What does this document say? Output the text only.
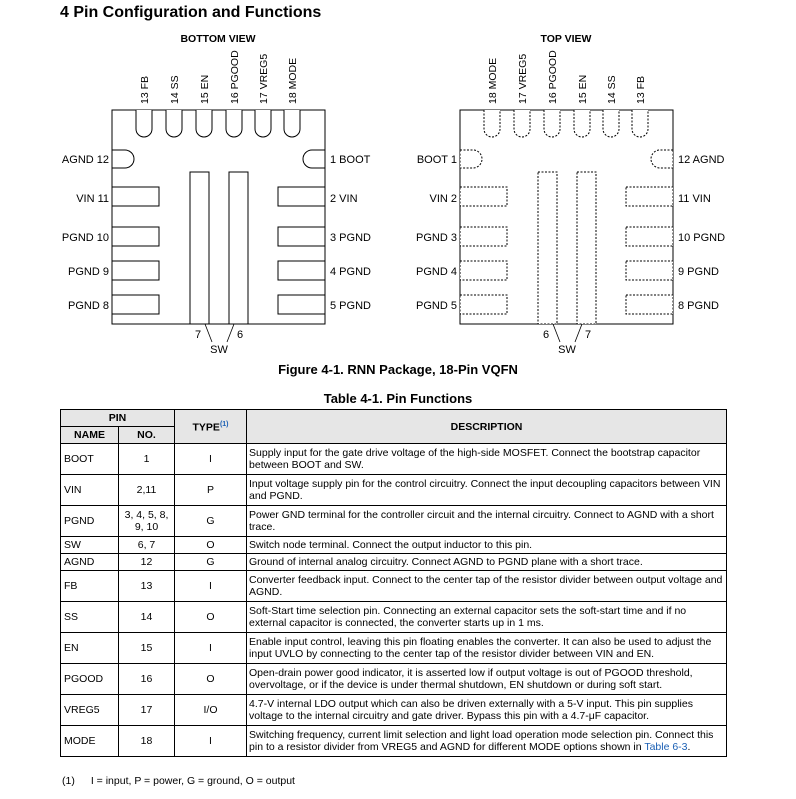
4 Pin Configuration and Functions
BOTTOM VIEW
13 FB 14 SS 15 EN 16 PGOOD 17 VREG5 18 MODE
7	6
SW
AGND 12	1 BOOT
VIN 11	2 VIN
PGND 10	3 PGND
PGND 9	4 PGND
PGND 8	5 PGND
TOP VIEW
18 MODE 17 VREG5 16 PGOOD 15 EN 14 SS 13 FB
6	7
SW
BOOT 1	12 AGND
VIN 2	11 VIN
PGND 3	10 PGND
PGND 4	9 PGND
PGND 5	8 PGND
Figure 4-1. RNN Package, 18-Pin VQFN
Table 4-1. Pin Functions
PIN		TYPE$^{(1)}$	DESCRIPTION
NAME	NO.		
BOOT	1	I	Supply input for the gate drive voltage of the high-side MOSFET. Connect the bootstrap capacitor between BOOT and SW.
VIN	2,11	P	Input voltage supply pin for the control circuitry. Connect the input decoupling capacitors between VIN and PGND.
PGND	3, 4, 5, 8, 9, 10	G	Power GND terminal for the controller circuit and the internal circuitry. Connect to AGND with a short trace.
SW	6, 7	O	Switch node terminal. Connect the output inductor to this pin.
AGND	12	G	Ground of internal analog circuitry. Connect AGND to PGND plane with a short trace.
FB	13	I	Converter feedback input. Connect to the center tap of the resistor divider between output voltage and AGND.
SS	14	O	Soft-Start time selection pin. Connecting an external capacitor sets the soft-start time and if no external capacitor is connected, the converter starts up in 1 ms.
EN	15	I	Enable input control, leaving this pin floating enables the converter. It can also be used to adjust the input UVLO by connecting to the center tap of the resistor divider between VIN and EN.
PGOOD	16	O	Open-drain power good indicator, it is asserted low if output voltage is out of PGOOD threshold, overvoltage, or if the device is under thermal shutdown, EN shutdown or during soft start.
VREG5	17	I/O	4.7-V internal LDO output which can also be driven externally with a 5-V input. This pin supplies voltage to the internal circuitry and gate driver. Bypass this pin with a 4.7-μF capacitor.
MODE	18	I	Switching frequency, current limit selection and light load operation mode selection pin. Connect this pin to a resistor divider from VREG5 and AGND for different MODE options shown in Table 6-3.
(1) I = input, P = power, G = ground, O = output
